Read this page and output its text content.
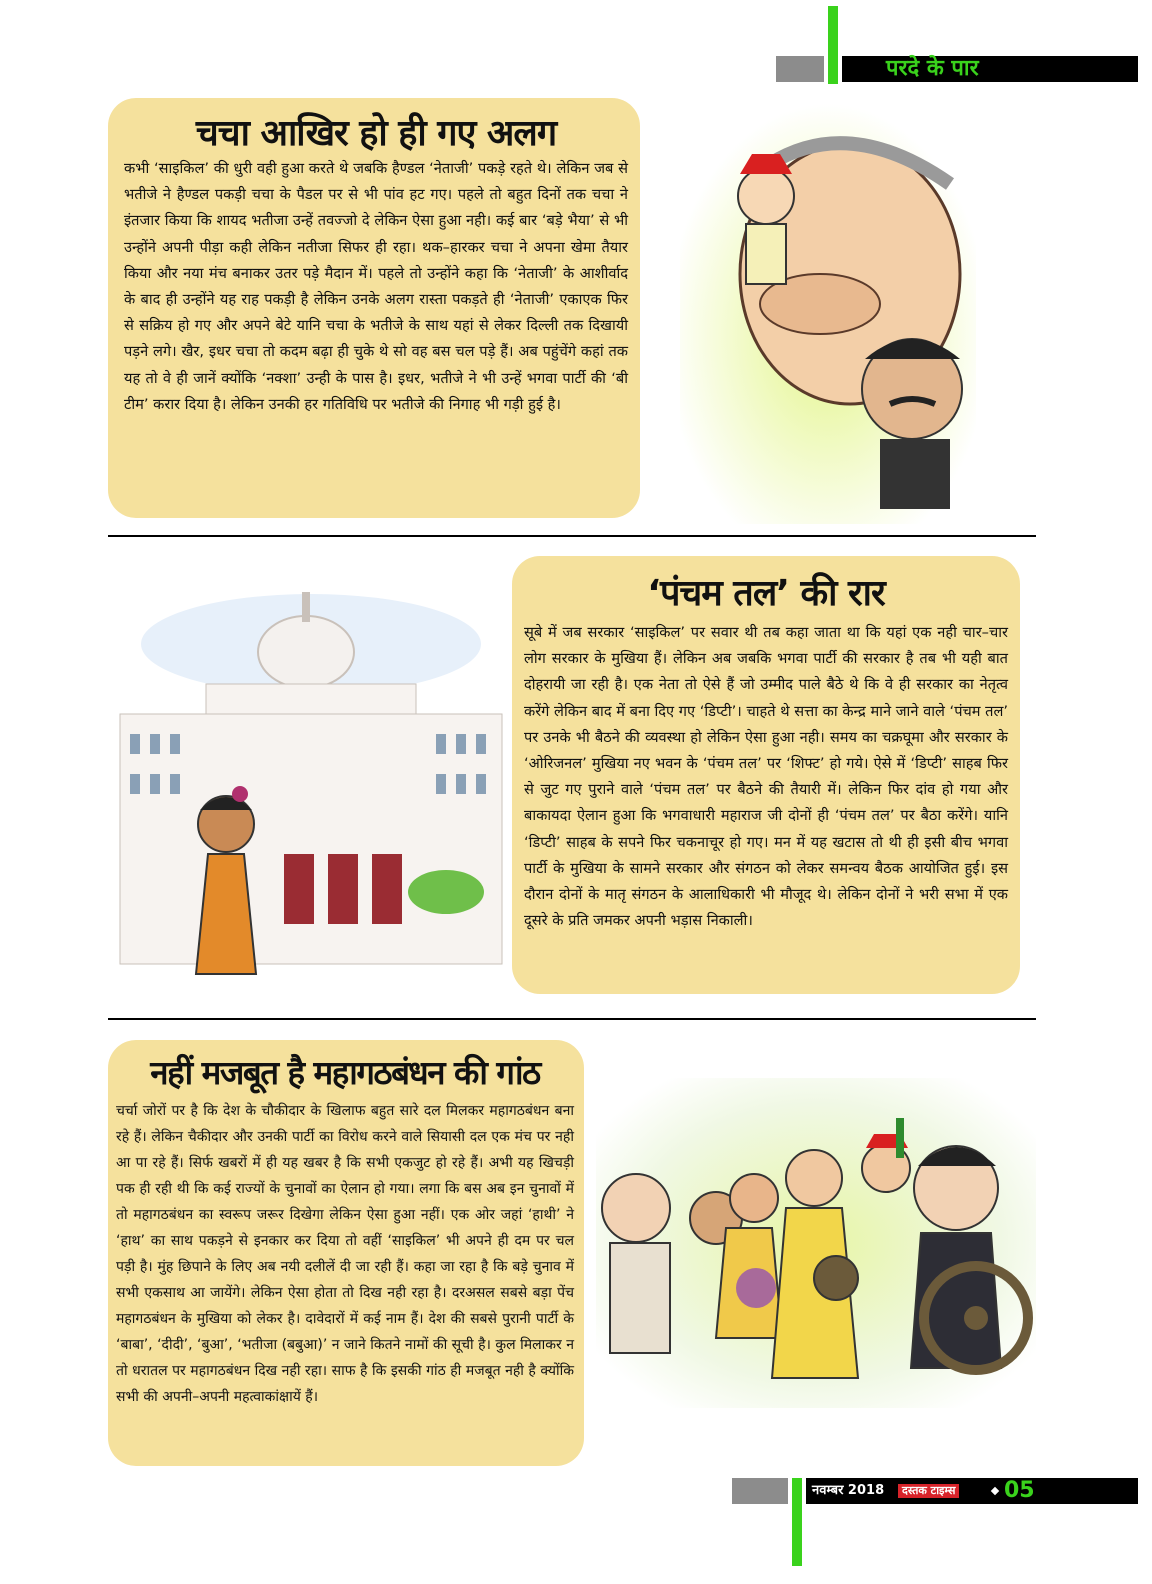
परदे के पार
चचा आखिर हो ही गए अलग

कभी ‘साइकिल’ की धुरी वही हुआ करते थे जबकि हैण्डल ‘नेताजी’ पकड़े रहते थे। लेकिन जब से भतीजे ने हैण्डल पकड़ी चचा के पैडल पर से भी पांव हट गए। पहले तो बहुत दिनों तक चचा ने इंतजार किया कि शायद भतीजा उन्हें तवज्जो दे लेकिन ऐसा हुआ नही। कई बार ‘बड़े भैया’ से भी उन्होंने अपनी पीड़ा कही लेकिन नतीजा सिफर ही रहा। थक–हारकर चचा ने अपना खेमा तैयार किया और नया मंच बनाकर उतर पड़े मैदान में। पहले तो उन्होंने कहा कि ‘नेताजी’ के आशीर्वाद के बाद ही उन्होंने यह राह पकड़ी है लेकिन उनके अलग रास्ता पकड़ते ही ‘नेताजी’ एकाएक फिर से सक्रिय हो गए और अपने बेटे यानि चचा के भतीजे के साथ यहां से लेकर दिल्ली तक दिखायी पड़ने लगे। खैर, इधर चचा तो कदम बढ़ा ही चुके थे सो वह बस चल पड़े हैं। अब पहुंचेंगे कहां तक यह तो वे ही जानें क्योंकि ‘नक्शा’ उन्ही के पास है। इधर, भतीजे ने भी उन्हें भगवा पार्टी की ‘बी टीम’ करार दिया है। लेकिन उनकी हर गतिविधि पर भतीजे की निगाह भी गड़ी हुई है।

‘पंचम तल’ की रार

सूबे में जब सरकार ‘साइकिल’ पर सवार थी तब कहा जाता था कि यहां एक नही चार–चार लोग सरकार के मुखिया हैं। लेकिन अब जबकि भगवा पार्टी की सरकार है तब भी यही बात दोहरायी जा रही है। एक नेता तो ऐसे हैं जो उम्मीद पाले बैठे थे कि वे ही सरकार का नेतृत्व करेंगे लेकिन बाद में बना दिए गए ‘डिप्टी’। चाहते थे सत्ता का केन्द्र माने जाने वाले ‘पंचम तल’ पर उनके भी बैठने की व्यवस्था हो लेकिन ऐसा हुआ नही। समय का चक्रघूमा और सरकार के ‘ओरिजनल’ मुखिया नए भवन के ‘पंचम तल’ पर ‘शिफ्ट’ हो गये। ऐसे में ‘डिप्टी’ साहब फिर से जुट गए पुराने वाले ‘पंचम तल’ पर बैठने की तैयारी में। लेकिन फिर दांव हो गया और बाकायदा ऐलान हुआ कि भगवाधारी महाराज जी दोनों ही ‘पंचम तल’ पर बैठा करेंगे। यानि ‘डिप्टी’ साहब के सपने फिर चकनाचूर हो गए। मन में यह खटास तो थी ही इसी बीच भगवा पार्टी के मुखिया के सामने सरकार और संगठन को लेकर समन्वय बैठक आयोजित हुई। इस दौरान दोनों के मातृ संगठन के आलाधिकारी भी मौजूद थे। लेकिन दोनों ने भरी सभा में एक दूसरे के प्रति जमकर अपनी भड़ास निकाली।

नहीं मजबूत है महागठबंधन की गांठ

चर्चा जोरों पर है कि देश के चौकीदार के खिलाफ बहुत सारे दल मिलकर महागठबंधन बना रहे हैं। लेकिन चैकीदार और उनकी पार्टी का विरोध करने वाले सियासी दल एक मंच पर नही आ पा रहे हैं। सिर्फ खबरों में ही यह खबर है कि सभी एकजुट हो रहे हैं। अभी यह खिचड़ी पक ही रही थी कि कई राज्यों के चुनावों का ऐलान हो गया। लगा कि बस अब इन चुनावों में तो महागठबंधन का स्वरूप जरूर दिखेगा लेकिन ऐसा हुआ नहीं। एक ओर जहां ‘हाथी’ ने ‘हाथ’ का साथ पकड़ने से इनकार कर दिया तो वहीं ‘साइकिल’ भी अपने ही दम पर चल पड़ी है। मुंह छिपाने के लिए अब नयी दलीलें दी जा रही हैं। कहा जा रहा है कि बड़े चुनाव में सभी एकसाथ आ जायेंगे। लेकिन ऐसा होता तो दिख नही रहा है। दरअसल सबसे बड़ा पेंच महागठबंधन के मुखिया को लेकर है। दावेदारों में कई नाम हैं। देश की सबसे पुरानी पार्टी के ‘बाबा’, ‘दीदी’, ‘बुआ’, ‘भतीजा (बबुआ)’ न जाने कितने नामों की सूची है। कुल मिलाकर न तो धरातल पर महागठबंधन दिख नही रहा। साफ है कि इसकी गांठ ही मजबूत नही है क्योंकि सभी की अपनी–अपनी महत्वाकांक्षायें हैं।

नवम्बर 2018	दस्तक टाइम्स 05
